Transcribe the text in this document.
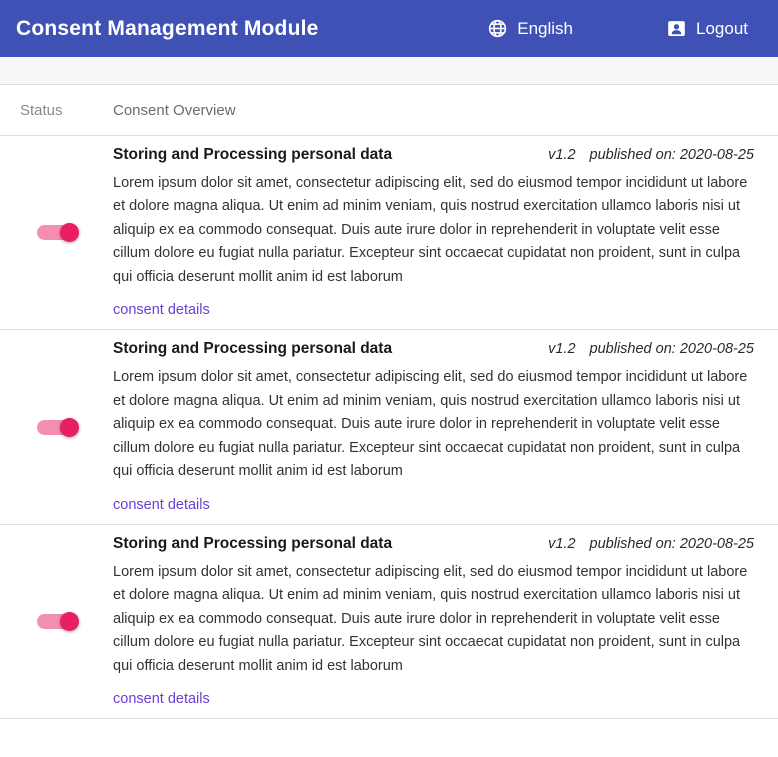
Consent Management Module	English	Logout
Status	Consent Overview
Storing and Processing personal data	v1.2 published on: 2020-08-25
Lorem ipsum dolor sit amet, consectetur adipiscing elit, sed do eiusmod tempor incididunt ut labore et dolore magna aliqua. Ut enim ad minim veniam, quis nostrud exercitation ullamco laboris nisi ut aliquip ex ea commodo consequat. Duis aute irure dolor in reprehenderit in voluptate velit esse cillum dolore eu fugiat nulla pariatur. Excepteur sint occaecat cupidatat non proident, sunt in culpa qui officia deserunt mollit anim id est laborum
consent details
Storing and Processing personal data	v1.2 published on: 2020-08-25
Lorem ipsum dolor sit amet, consectetur adipiscing elit, sed do eiusmod tempor incididunt ut labore et dolore magna aliqua. Ut enim ad minim veniam, quis nostrud exercitation ullamco laboris nisi ut aliquip ex ea commodo consequat. Duis aute irure dolor in reprehenderit in voluptate velit esse cillum dolore eu fugiat nulla pariatur. Excepteur sint occaecat cupidatat non proident, sunt in culpa qui officia deserunt mollit anim id est laborum
consent details
Storing and Processing personal data	v1.2 published on: 2020-08-25
Lorem ipsum dolor sit amet, consectetur adipiscing elit, sed do eiusmod tempor incididunt ut labore et dolore magna aliqua. Ut enim ad minim veniam, quis nostrud exercitation ullamco laboris nisi ut aliquip ex ea commodo consequat. Duis aute irure dolor in reprehenderit in voluptate velit esse cillum dolore eu fugiat nulla pariatur. Excepteur sint occaecat cupidatat non proident, sunt in culpa qui officia deserunt mollit anim id est laborum
consent details
